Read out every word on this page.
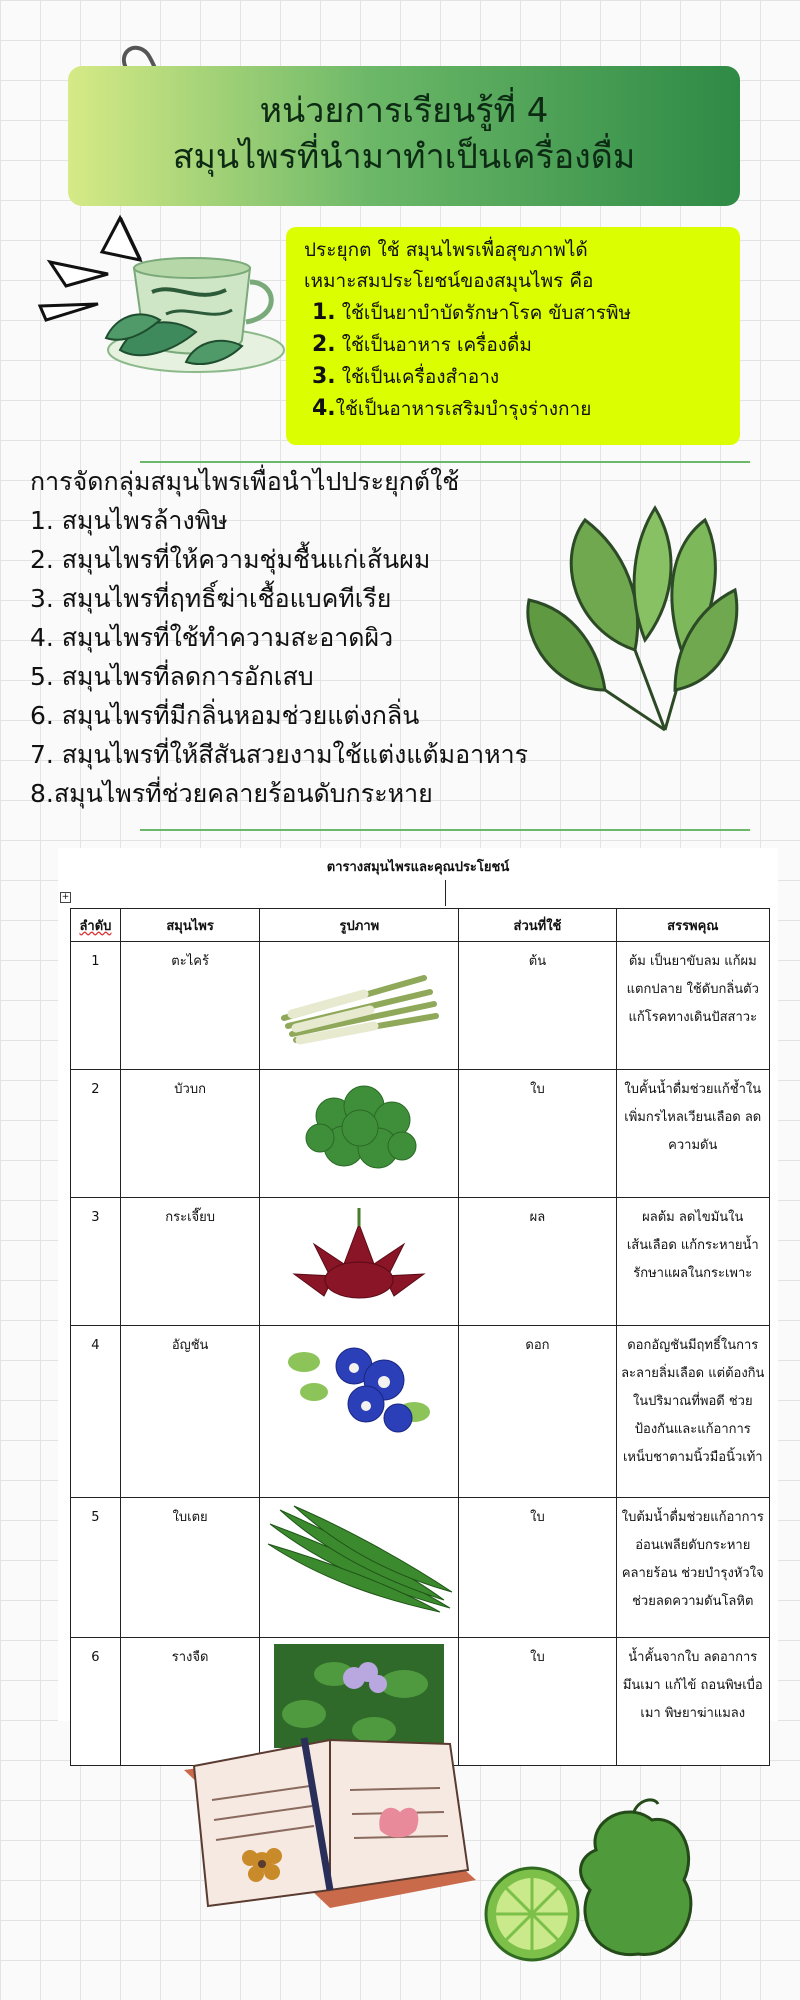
หน่วยการเรียนรู้ที่ 4
สมุนไพรที่นำมาทำเป็นเครื่องดื่ม
ประยุกต ใช้ สมุนไพรเพื่อสุขภาพได้
เหมาะสมประโยชน์ของสมุนไพร คือ
1. ใช้เป็นยาบำบัดรักษาโรค ขับสารพิษ
2. ใช้เป็นอาหาร เครื่องดื่ม
3. ใช้เป็นเครื่องสำอาง
4.ใช้เป็นอาหารเสริมบำรุงร่างกาย
การจัดกลุ่มสมุนไพรเพื่อนำไปประยุกต์ใช้
1. สมุนไพรล้างพิษ
2. สมุนไพรที่ให้ความชุ่มชื้นแก่เส้นผม
3. สมุนไพรที่ฤทธิ์ฆ่าเชื้อแบคทีเรีย
4. สมุนไพรที่ใช้ทำความสะอาดผิว
5. สมุนไพรที่ลดการอักเสบ
6. สมุนไพรที่มีกลิ่นหอมช่วยแต่งกลิ่น
7. สมุนไพรที่ให้สีสันสวยงามใช้แต่งแต้มอาหาร
8.สมุนไพรที่ช่วยคลายร้อนดับกระหาย
ตารางสมุนไพรและคุณประโยชน์
+
ลำดับ	สมุนไพร	รูปภาพ	ส่วนที่ใช้	สรรพคุณ
1	ตะไคร้		ต้น	ต้ม เป็นยาขับลม แก้ผมแตกปลาย ใช้ดับกลิ่นตัว แก้โรคทางเดินปัสสาวะ
2	บัวบก		ใบ	ใบคั้นน้ำดื่มช่วยแก้ช้ำใน เพิ่มกรไหลเวียนเลือด ลดความดัน
3	กระเจี๊ยบ		ผล	ผลต้ม ลดไขมันในเส้นเลือด แก้กระหายน้ำ รักษาแผลในกระเพาะ
4	อัญชัน		ดอก	ดอกอัญชันมีฤทธิ์ในการละลายลิ่มเลือด แต่ต้องกินในปริมาณที่พอดี ช่วยป้องกันและแก้อาการเหน็บชาตามนิ้วมือนิ้วเท้า
5	ใบเตย		ใบ	ใบต้มน้ำดื่มช่วยแก้อาการอ่อนเพลียดับกระหาย คลายร้อน ช่วยบำรุงหัวใจช่วยลดความดันโลหิต
6	รางจืด		ใบ	น้ำคั้นจากใบ ลดอาการมึนเมา แก้ไข้ ถอนพิษเบื่อเมา พิษยาฆ่าแมลง
